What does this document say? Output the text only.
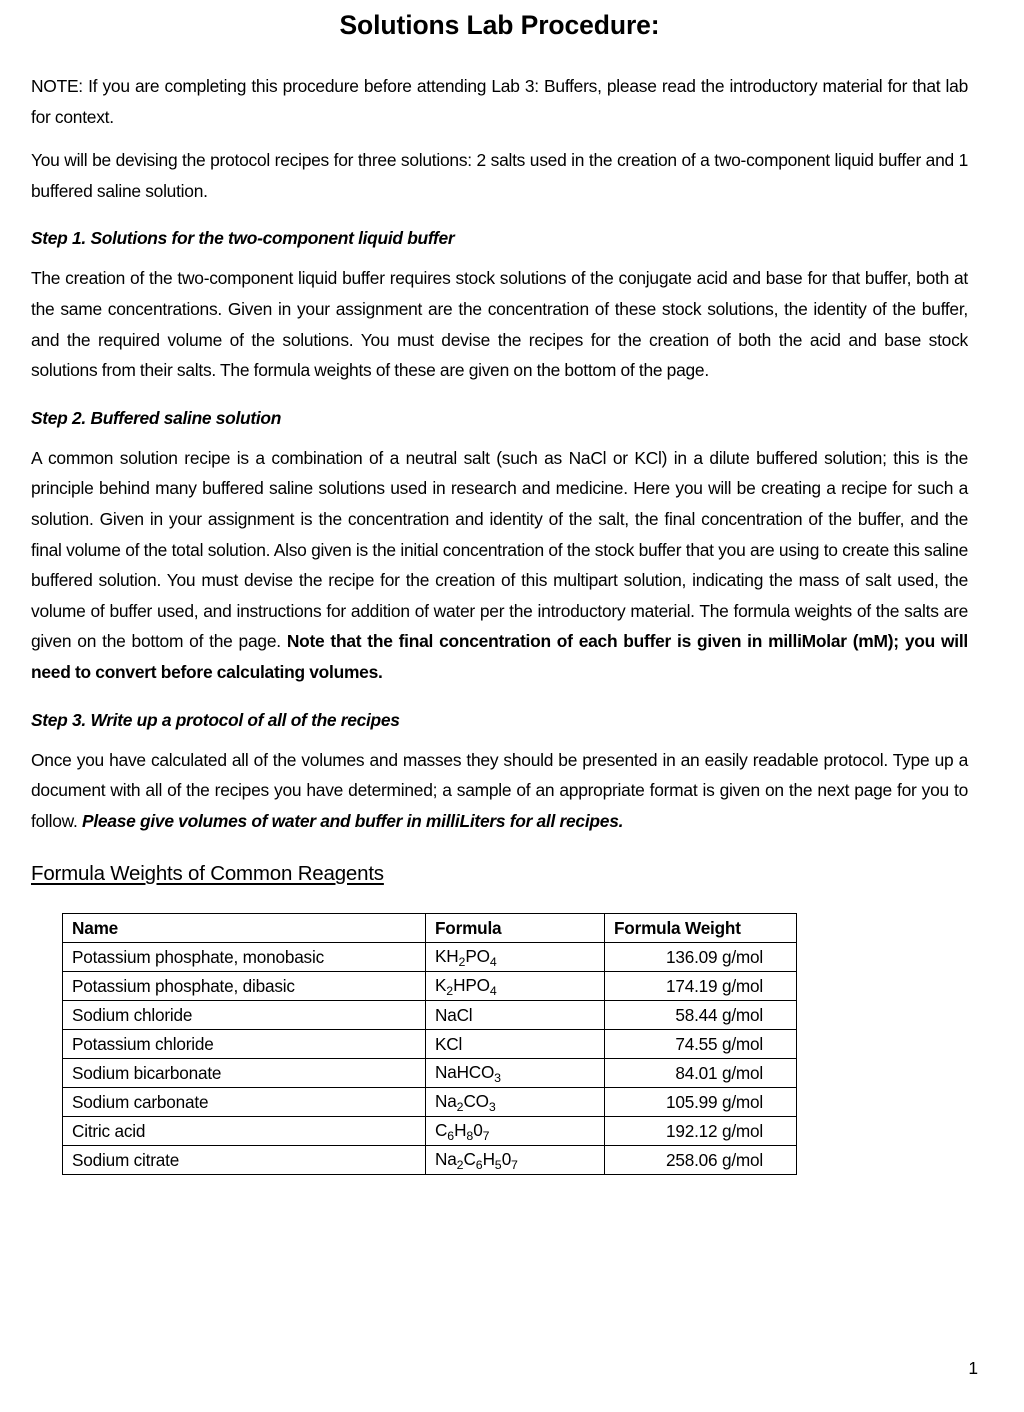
Solutions Lab Procedure:

NOTE: If you are completing this procedure before attending Lab 3: Buffers, please read the introductory material for that lab for context.

You will be devising the protocol recipes for three solutions: 2 salts used in the creation of a two-component liquid buffer and 1 buffered saline solution.

Step 1. Solutions for the two-component liquid buffer

The creation of the two-component liquid buffer requires stock solutions of the conjugate acid and base for that buffer, both at the same concentrations. Given in your assignment are the concentration of these stock solutions, the identity of the buffer, and the required volume of the solutions. You must devise the recipes for the creation of both the acid and base stock solutions from their salts. The formula weights of these are given on the bottom of the page.

Step 2. Buffered saline solution

A common solution recipe is a combination of a neutral salt (such as NaCl or KCl) in a dilute buffered solution; this is the principle behind many buffered saline solutions used in research and medicine. Here you will be creating a recipe for such a solution. Given in your assignment is the concentration and identity of the salt, the final concentration of the buffer, and the final volume of the total solution. Also given is the initial concentration of the stock buffer that you are using to create this saline buffered solution. You must devise the recipe for the creation of this multipart solution, indicating the mass of salt used, the volume of buffer used, and instructions for addition of water per the introductory material. The formula weights of the salts are given on the bottom of the page. Note that the final concentration of each buffer is given in milliMolar (mM); you will need to convert before calculating volumes.

Step 3. Write up a protocol of all of the recipes

Once you have calculated all of the volumes and masses they should be presented in an easily readable protocol. Type up a document with all of the recipes you have determined; a sample of an appropriate format is given on the next page for you to follow. Please give volumes of water and buffer in milliLiters for all recipes.

Formula Weights of Common Reagents
Name	Formula	Formula Weight
Potassium phosphate, monobasic	$KH_2PO_4$	136.09 g/mol
Potassium phosphate, dibasic	$K_2HPO_4$	174.19 g/mol
Sodium chloride	NaCl	58.44 g/mol
Potassium chloride	KCl	74.55 g/mol
Sodium bicarbonate	NaHCO$_3$	84.01 g/mol
Sodium carbonate	$Na_2CO_3$	105.99 g/mol
Citric acid	$C_6H_80_7$	192.12 g/mol
Sodium citrate	$Na_2C_6H_50_7$	258.06 g/mol
1
